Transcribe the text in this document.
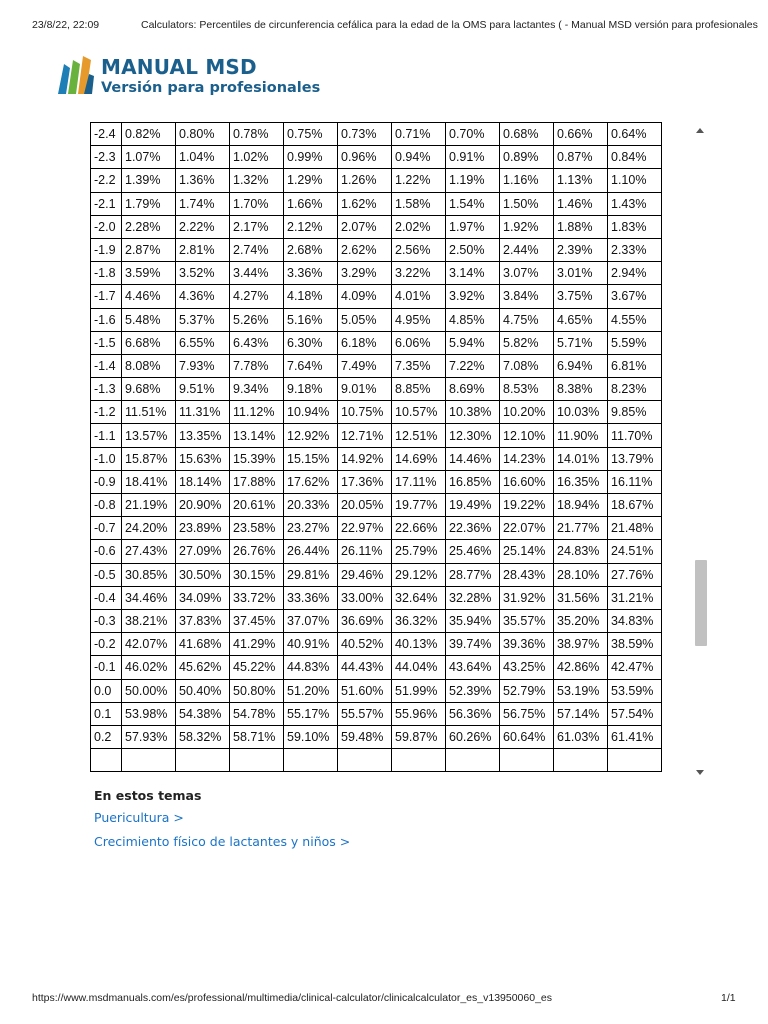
23/8/22, 22:09	Calculators: Percentiles de circunferencia cefálica para la edad de la OMS para lactantes ( - Manual MSD versión para profesionales
MANUAL MSD
Versión para profesionales
-2.4	0.82%	0.80%	0.78%	0.75%	0.73%	0.71%	0.70%	0.68%	0.66%	0.64%
-2.3	1.07%	1.04%	1.02%	0.99%	0.96%	0.94%	0.91%	0.89%	0.87%	0.84%
-2.2	1.39%	1.36%	1.32%	1.29%	1.26%	1.22%	1.19%	1.16%	1.13%	1.10%
-2.1	1.79%	1.74%	1.70%	1.66%	1.62%	1.58%	1.54%	1.50%	1.46%	1.43%
-2.0	2.28%	2.22%	2.17%	2.12%	2.07%	2.02%	1.97%	1.92%	1.88%	1.83%
-1.9	2.87%	2.81%	2.74%	2.68%	2.62%	2.56%	2.50%	2.44%	2.39%	2.33%
-1.8	3.59%	3.52%	3.44%	3.36%	3.29%	3.22%	3.14%	3.07%	3.01%	2.94%
-1.7	4.46%	4.36%	4.27%	4.18%	4.09%	4.01%	3.92%	3.84%	3.75%	3.67%
-1.6	5.48%	5.37%	5.26%	5.16%	5.05%	4.95%	4.85%	4.75%	4.65%	4.55%
-1.5	6.68%	6.55%	6.43%	6.30%	6.18%	6.06%	5.94%	5.82%	5.71%	5.59%
-1.4	8.08%	7.93%	7.78%	7.64%	7.49%	7.35%	7.22%	7.08%	6.94%	6.81%
-1.3	9.68%	9.51%	9.34%	9.18%	9.01%	8.85%	8.69%	8.53%	8.38%	8.23%
-1.2	11.51%	11.31%	11.12%	10.94%	10.75%	10.57%	10.38%	10.20%	10.03%	9.85%
-1.1	13.57%	13.35%	13.14%	12.92%	12.71%	12.51%	12.30%	12.10%	11.90%	11.70%
-1.0	15.87%	15.63%	15.39%	15.15%	14.92%	14.69%	14.46%	14.23%	14.01%	13.79%
-0.9	18.41%	18.14%	17.88%	17.62%	17.36%	17.11%	16.85%	16.60%	16.35%	16.11%
-0.8	21.19%	20.90%	20.61%	20.33%	20.05%	19.77%	19.49%	19.22%	18.94%	18.67%
-0.7	24.20%	23.89%	23.58%	23.27%	22.97%	22.66%	22.36%	22.07%	21.77%	21.48%
-0.6	27.43%	27.09%	26.76%	26.44%	26.11%	25.79%	25.46%	25.14%	24.83%	24.51%
-0.5	30.85%	30.50%	30.15%	29.81%	29.46%	29.12%	28.77%	28.43%	28.10%	27.76%
-0.4	34.46%	34.09%	33.72%	33.36%	33.00%	32.64%	32.28%	31.92%	31.56%	31.21%
-0.3	38.21%	37.83%	37.45%	37.07%	36.69%	36.32%	35.94%	35.57%	35.20%	34.83%
-0.2	42.07%	41.68%	41.29%	40.91%	40.52%	40.13%	39.74%	39.36%	38.97%	38.59%
-0.1	46.02%	45.62%	45.22%	44.83%	44.43%	44.04%	43.64%	43.25%	42.86%	42.47%
0.0	50.00%	50.40%	50.80%	51.20%	51.60%	51.99%	52.39%	52.79%	53.19%	53.59%
0.1	53.98%	54.38%	54.78%	55.17%	55.57%	55.96%	56.36%	56.75%	57.14%	57.54%
0.2	57.93%	58.32%	58.71%	59.10%	59.48%	59.87%	60.26%	60.64%	61.03%	61.41%

En estos temas
Puericultura >
Crecimiento físico de lactantes y niños >
https://www.msdmanuals.com/es/professional/multimedia/clinical-calculator/clinicalcalculator_es_v13950060_es	1/1
